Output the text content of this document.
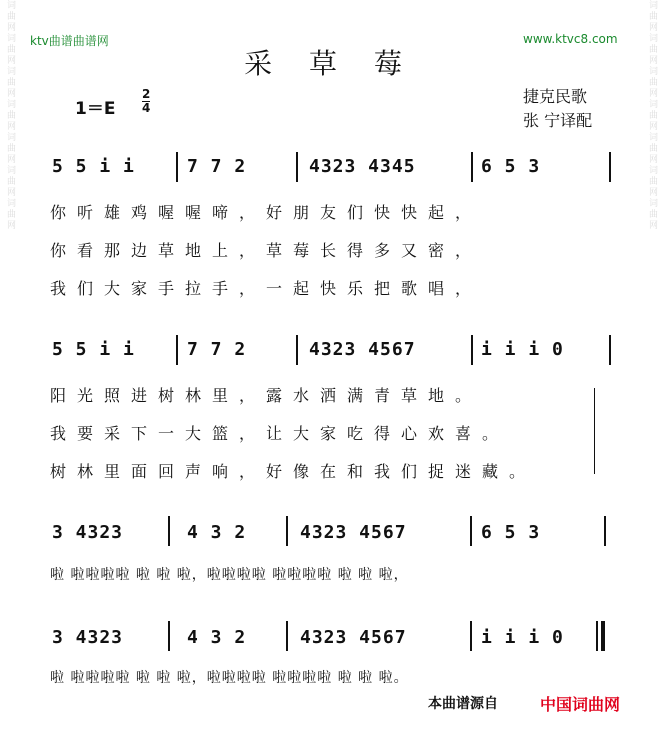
ktv曲谱曲谱网	www.ktvc8.com
词曲网词曲网词曲网词曲网词曲网词曲网词曲网	词曲网词曲网词曲网词曲网词曲网词曲网词曲网
采 草 莓
$1=E \frac{2}{4}$	捷克民歌
张 宁译配
5 5 i i	7 7 2	4323 4345	6 5 3
你听雄鸡喔喔啼，好朋友们快快起，
你看那边草地上，草莓长得多又密，
我们大家手拉手，一起快乐把歌唱，
5 5 i i	7 7 2	4323 4567	i i i 0
阳光照进树林里，露水洒满青草地。
我要采下一大篮，让大家吃得心欢喜。
树林里面回声响，好像在和我们捉迷藏。
3 4323	4 3 2	4323 4567	6 5 3
啦 啦啦啦啦 啦 啦 啦，啦啦啦啦 啦啦啦啦 啦 啦 啦，
3 4323	4 3 2	4323 4567	i i i 0
啦 啦啦啦啦 啦 啦 啦，啦啦啦啦 啦啦啦啦 啦 啦 啦。
本曲谱源自	中国词曲网
